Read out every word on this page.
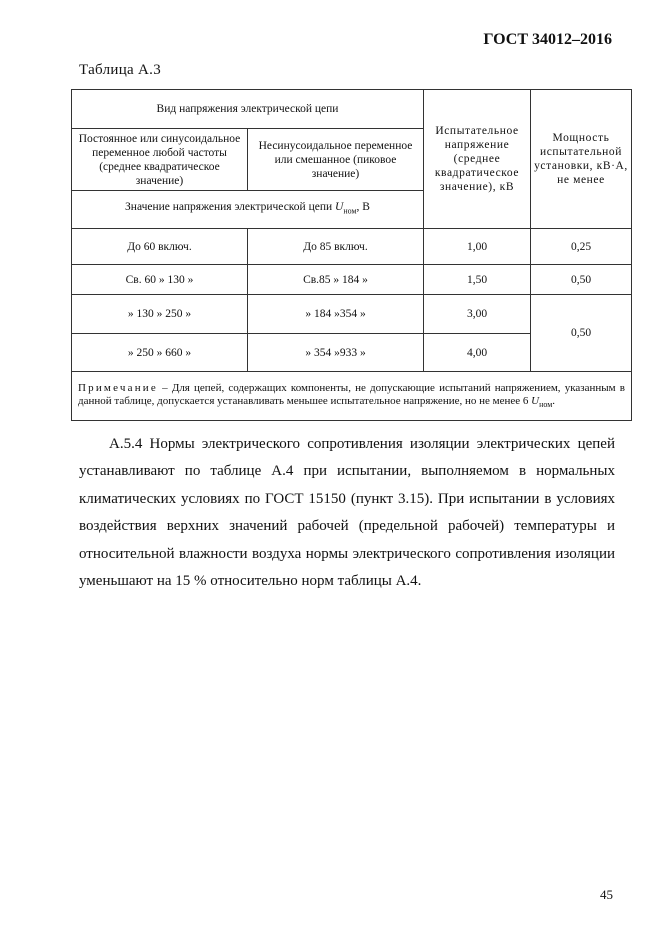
ГОСТ 34012–2016
Таблица А.3
Вид напряжения электрической цепи		Испытательное напряжение (среднее квадратическое значение), кВ	Мощность испытательной установки, кВ·А, не менее
Постоянное или синусоидальное переменное любой частоты (среднее квадратическое значение)	Несинусоидальное переменное или смешанное (пиковое значение)		
Значение напряжения электрической цепи $U_{ном}$, В			
До 60 включ.	До 85 включ.	1,00	0,25
Св. 60 » 130 »	Св.85 » 184 »	1,50	0,50
» 130 » 250 »	» 184 »354 »	3,00	0,50
» 250 » 660 »	» 354 »933 »	4,00	
Примечание – Для цепей, содержащих компоненты, не допускающие испытаний напряжением, указанным в данной таблице, допускается устанавливать меньшее испытательное напряжение, но не менее 6 $U_{ном}$.			

А.5.4 Нормы электрического сопротивления изоляции электрических цепей устанавливают по таблице А.4 при испытании, выполняемом в нормальных климатических условиях по ГОСТ 15150 (пункт 3.15). При испытании в условиях воздействия верхних значений рабочей (предельной рабочей) температуры и относительной влажности воздуха нормы электрического сопротивления изоляции уменьшают на 15 % относительно норм таблицы А.4.

45
